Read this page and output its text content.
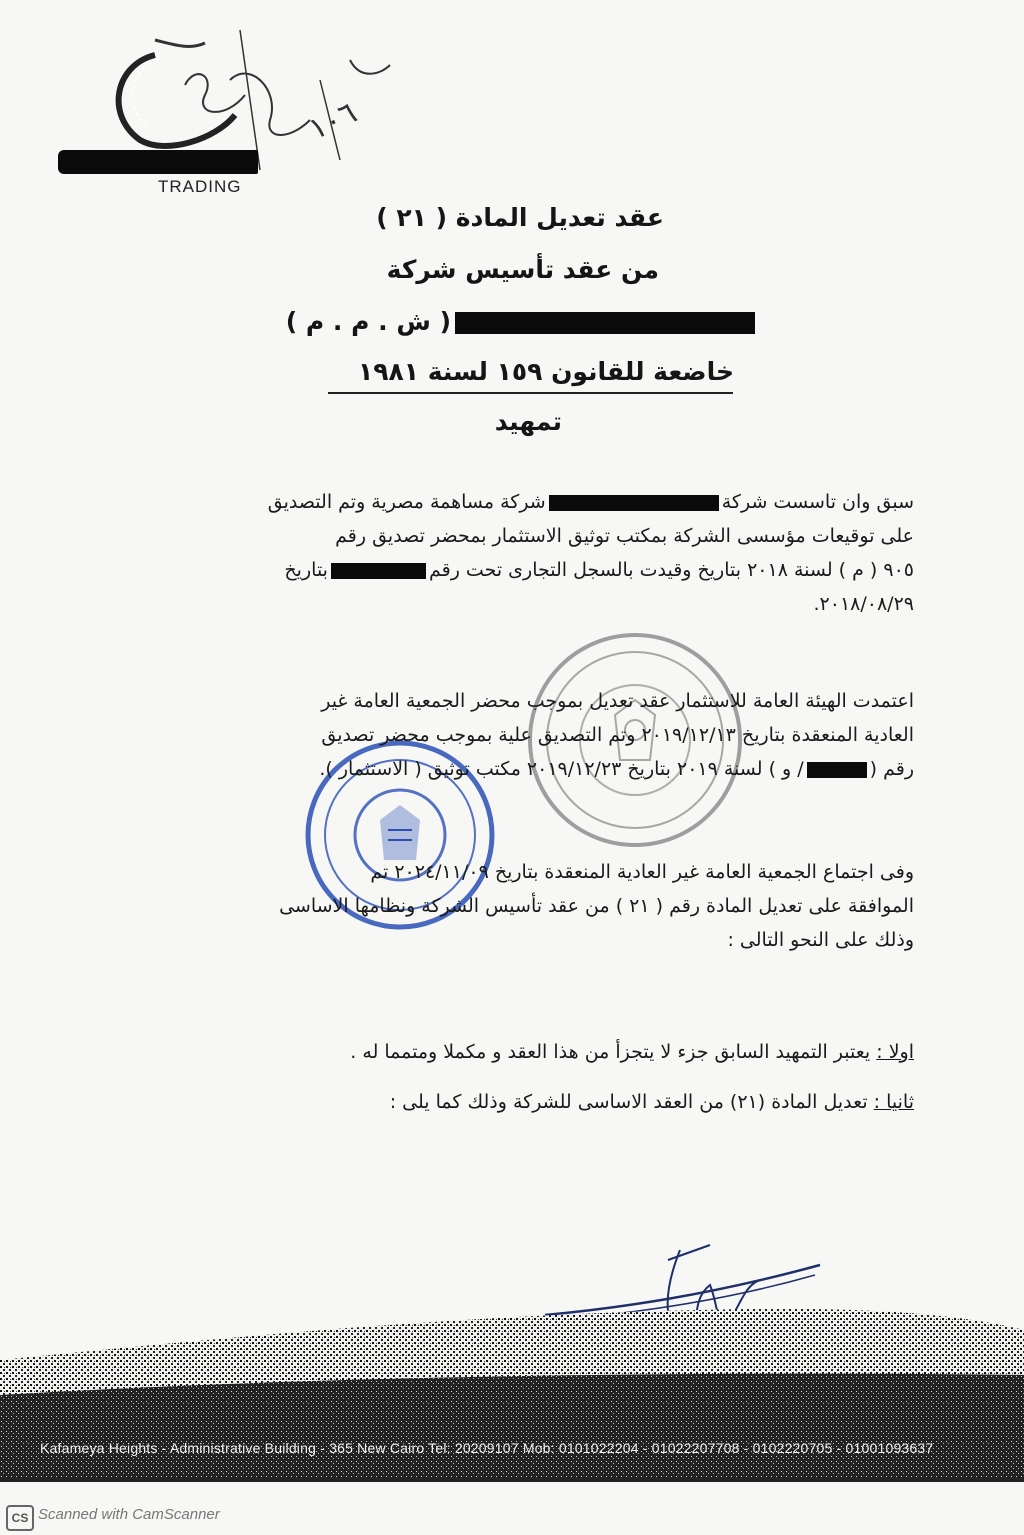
١٠٦
TRADING
عقد تعديل المادة ( ٢١ )
من عقد تأسيس شركة
( ش . م . م )
خاضعة للقانون ١٥٩ لسنة ١٩٨١
تمهيد
سبق وان تاسست شركةشركة مساهمة مصرية وتم التصديق
على توقيعات مؤسسى الشركة بمكتب توثيق الاستثمار بمحضر تصديق رقم
٩٠٥ ( م ) لسنة ٢٠١٨ بتاريخ وقيدت بالسجل التجارى تحت رقمبتاريخ
٢٠١٨/٠٨/٢٩.
اعتمدت الهيئة العامة للاستثمار عقد تعديل بموجب محضر الجمعية العامة غير
العادية المنعقدة بتاريخ ٢٠١٩/١٢/١٣ وتم التصديق علية بموجب محضر تصديق
رقم (/ و ) لسنة ٢٠١٩ بتاريخ ٢٠١٩/١٢/٢٣ مكتب توثيق ( الاستثمار ).
وفى اجتماع الجمعية العامة غير العادية المنعقدة بتاريخ ٢٠٢٤/١١/٠٩ تم
الموافقة على تعديل المادة رقم ( ٢١ ) من عقد تأسيس الشركة ونظامها الاساسى
وذلك على النحو التالى :
اولا : يعتبر التمهيد السابق جزء لا يتجزأ من هذا العقد و مكملا ومتمما له .
ثانيا : تعديل المادة (٢١) من العقد الاساسى للشركة وذلك كما يلى :
Kafameya Heights - Administrative Building - 365 New Cairo Tel: 20209107 Mob: 0101022204 - 01022207708 - 0102220705 - 01001093637
CS Scanned with CamScanner
